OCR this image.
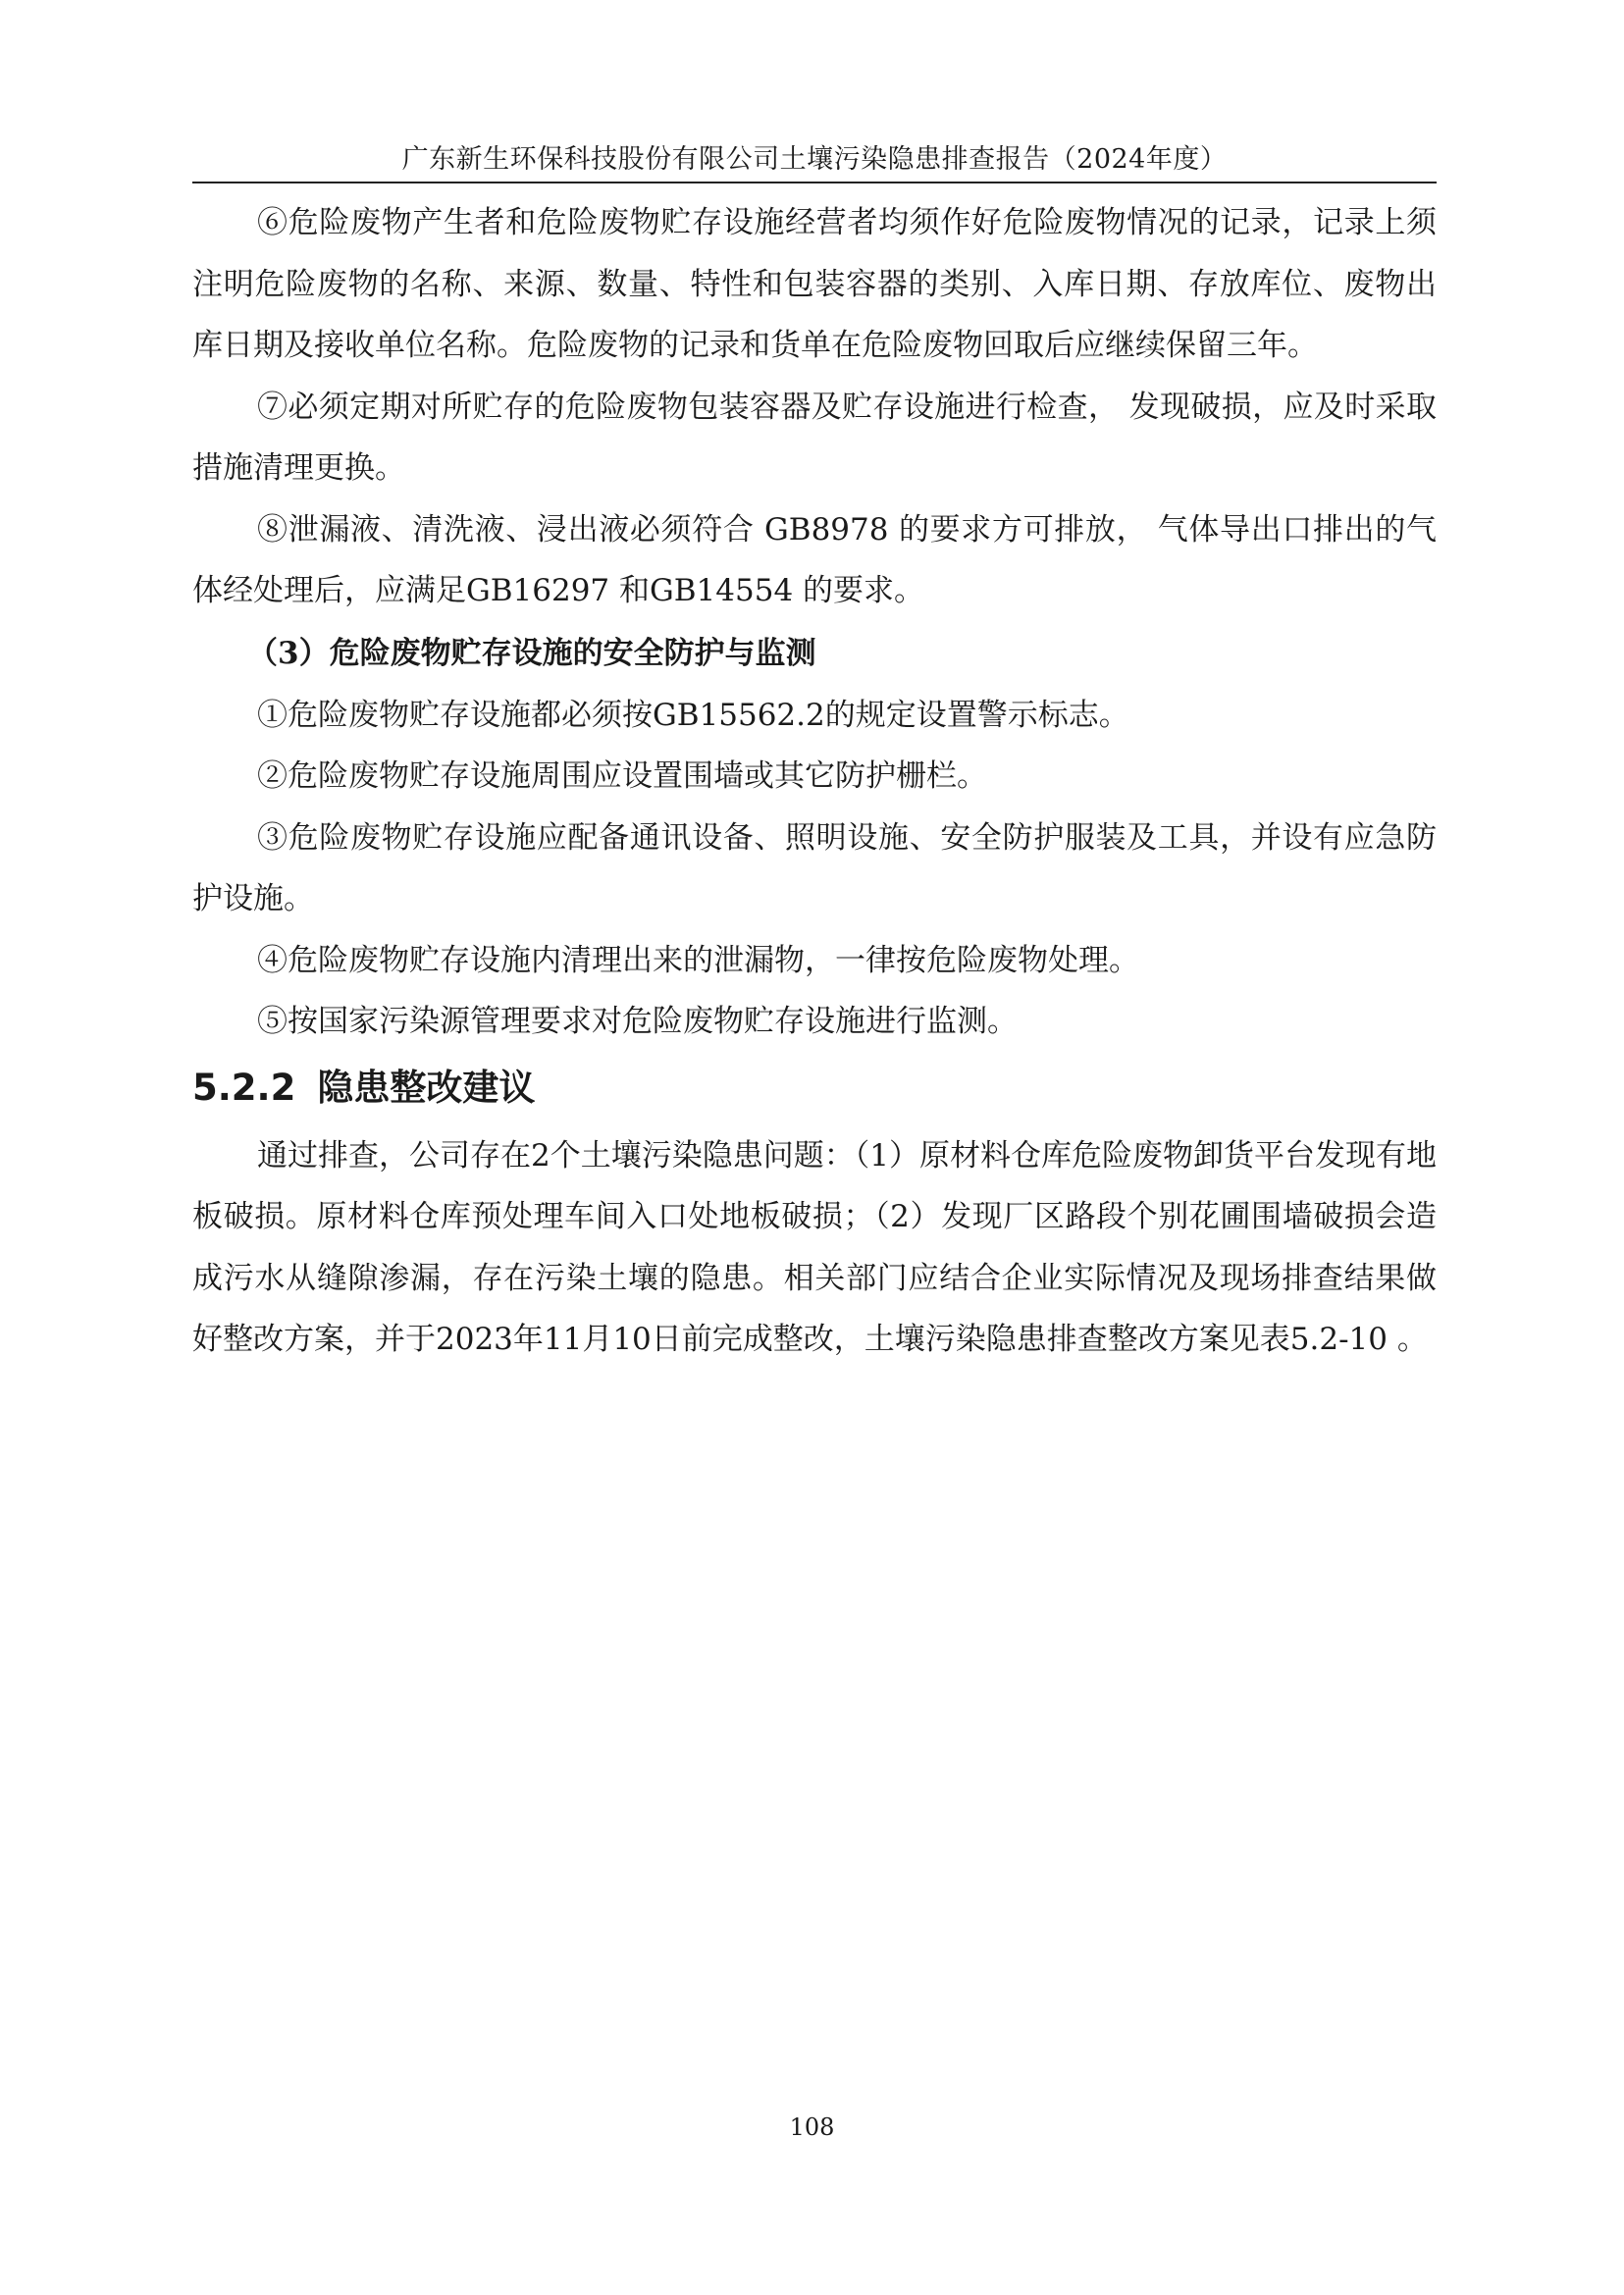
广东新生环保科技股份有限公司土壤污染隐患排查报告（2024年度）

⑥危险废物产生者和危险废物贮存设施经营者均须作好危险废物情况的记录，记录上须注明危险废物的名称、来源、数量、特性和包装容器的类别、入库日期、存放库位、废物出库日期及接收单位名称。危险废物的记录和货单在危险废物回取后应继续保留三年。

⑦必须定期对所贮存的危险废物包装容器及贮存设施进行检查， 发现破损，应及时采取措施清理更换。

⑧泄漏液、清洗液、浸出液必须符合 GB8978 的要求方可排放， 气体导出口排出的气体经处理后，应满足GB16297 和GB14554 的要求。

（3）危险废物贮存设施的安全防护与监测

①危险废物贮存设施都必须按GB15562.2的规定设置警示标志。

②危险废物贮存设施周围应设置围墙或其它防护栅栏。

③危险废物贮存设施应配备通讯设备、照明设施、安全防护服装及工具，并设有应急防护设施。

④危险废物贮存设施内清理出来的泄漏物，一律按危险废物处理。

⑤按国家污染源管理要求对危险废物贮存设施进行监测。

5.2.2 隐患整改建议

通过排查，公司存在2个土壤污染隐患问题：（1）原材料仓库危险废物卸货平台发现有地板破损。原材料仓库预处理车间入口处地板破损；（2）发现厂区路段个别花圃围墙破损会造成污水从缝隙渗漏，存在污染土壤的隐患。相关部门应结合企业实际情况及现场排查结果做好整改方案，并于2023年11月10日前完成整改，土壤污染隐患排查整改方案见表5.2-10 。

108
